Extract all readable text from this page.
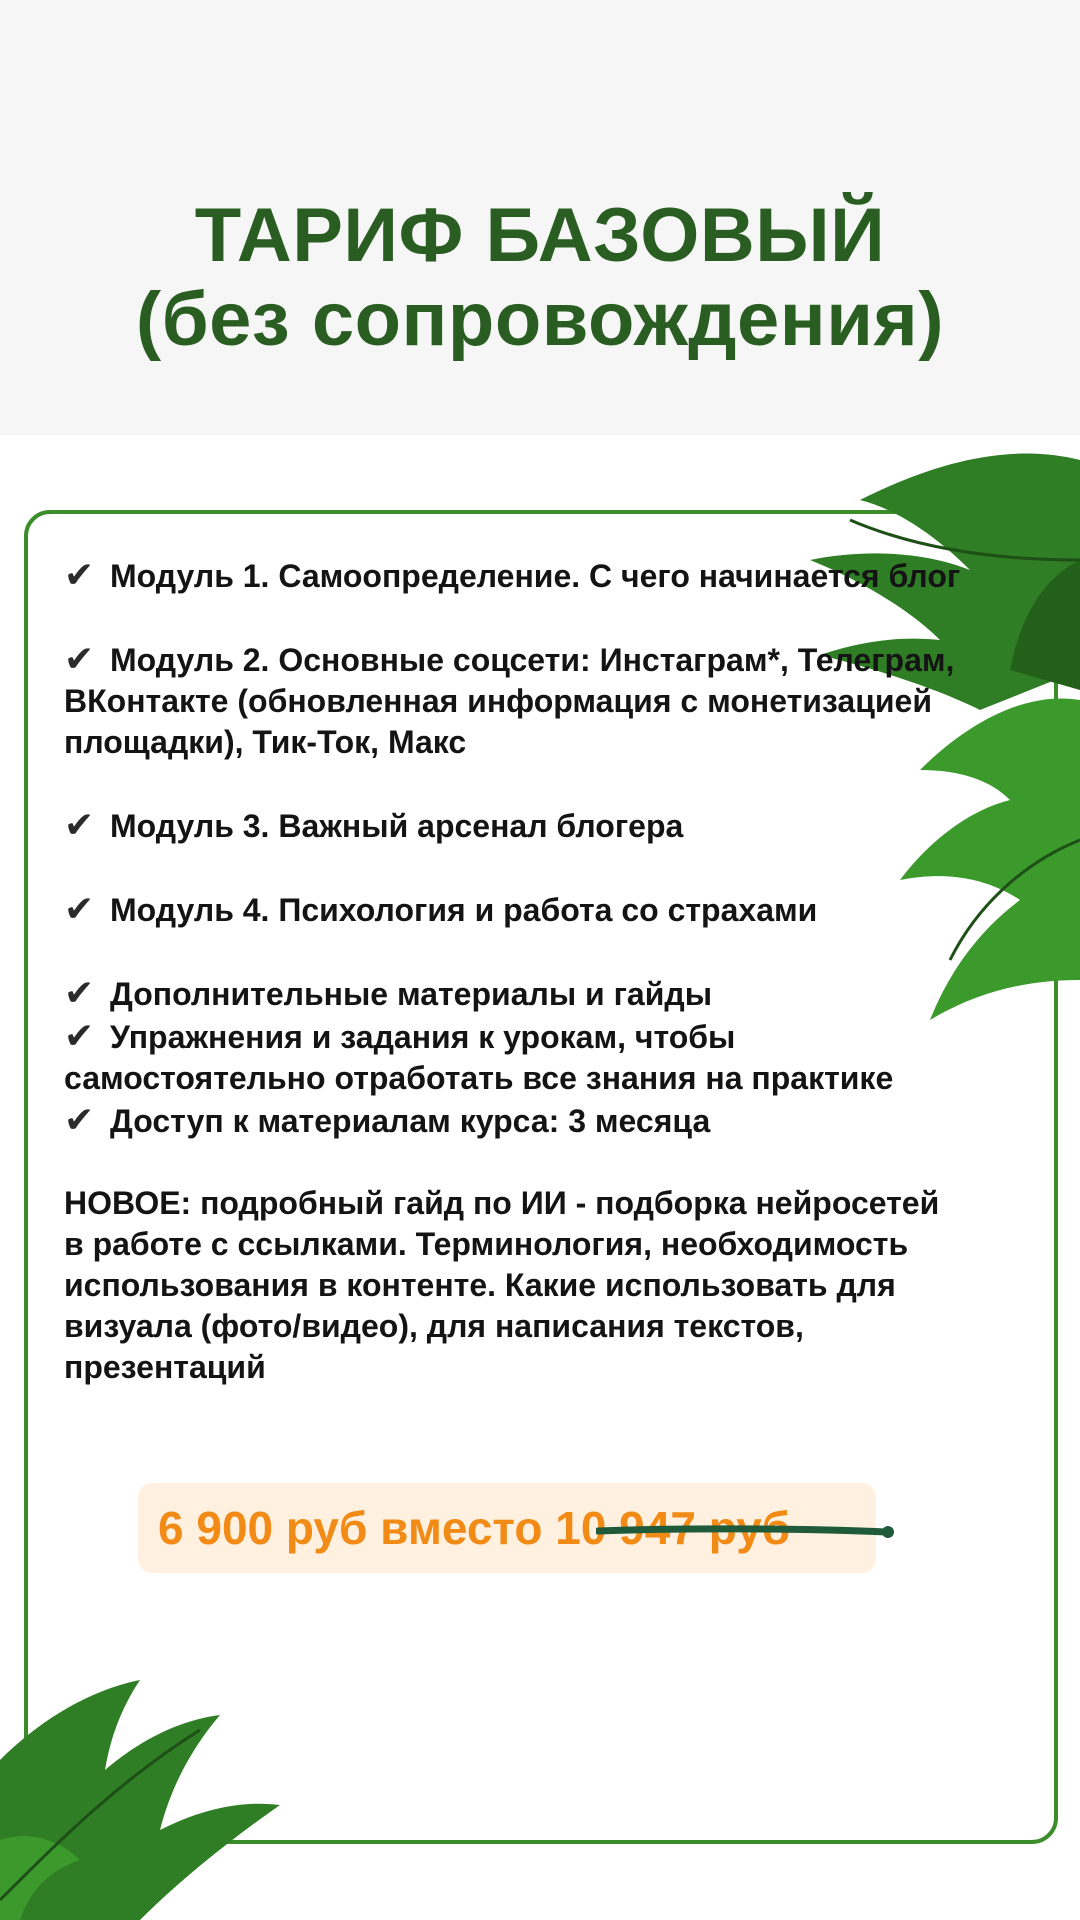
ТАРИФ БАЗОВЫЙ
(без сопровождения)

✔ Модуль 1. Самоопределение. С чего начинается блог

✔ Модуль 2. Основные соцсети: Инстаграм*, Телеграм, ВКонтакте (обновленная информация с монетизацией площадки), Тик-Ток, Макс

✔ Модуль 3. Важный арсенал блогера

✔ Модуль 4. Психология и работа со страхами

✔ Дополнительные материалы и гайды

✔ Упражнения и задания к урокам, чтобы самостоятельно отработать все знания на практике

✔ Доступ к материалам курса: 3 месяца

НОВОЕ: подробный гайд по ИИ - подборка нейросетей в работе с ссылками. Терминология, необходимость использования в контенте. Какие использовать для визуала (фото/видео), для написания текстов, презентаций

6 900 руб вместо 10 947 руб
